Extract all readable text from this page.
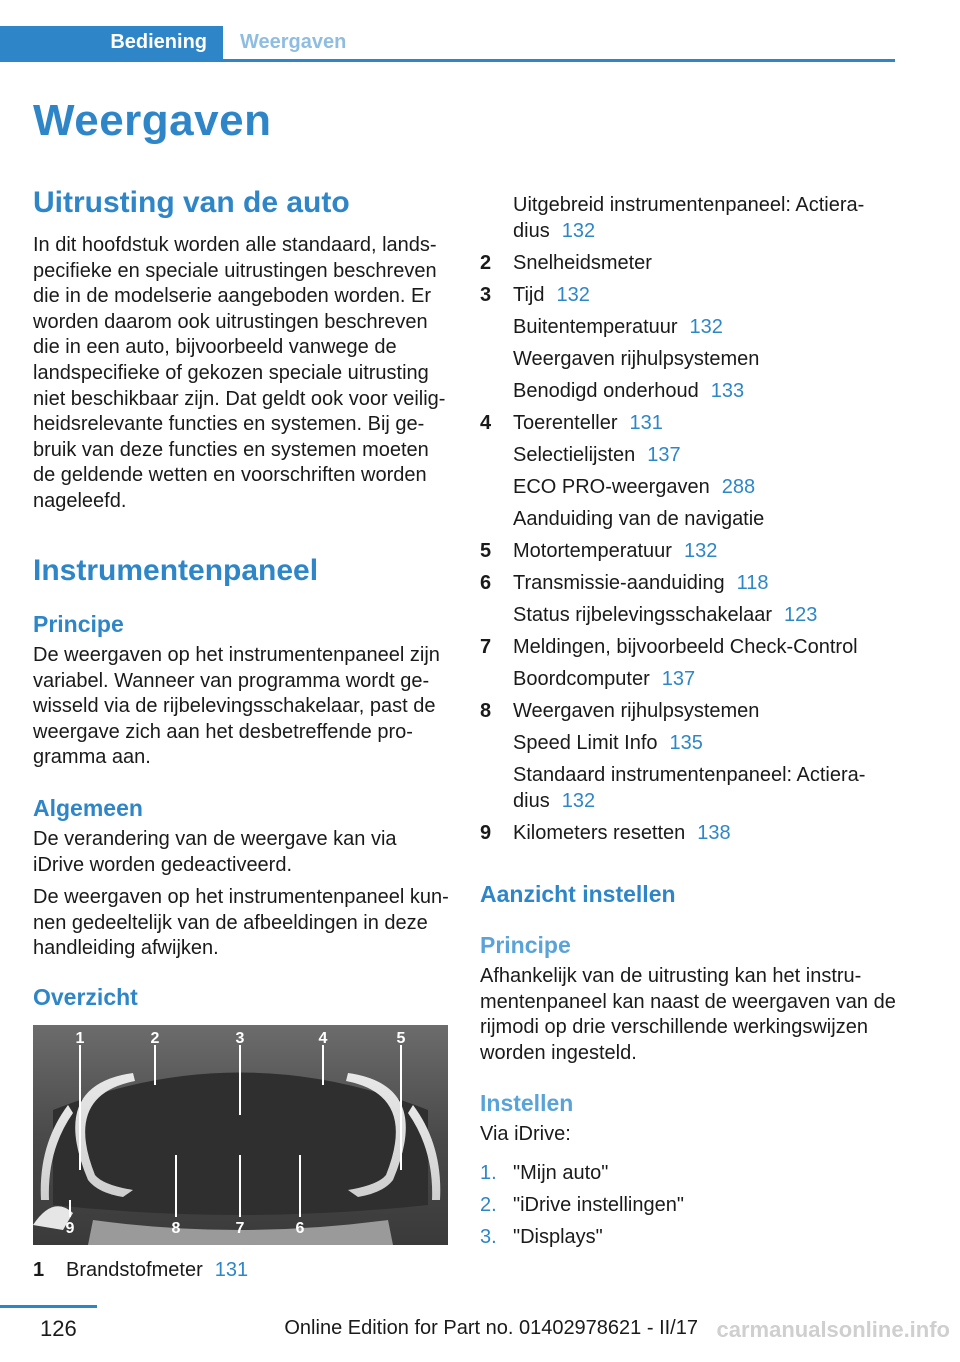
Bediening	Weergaven
Weergaven
Uitrusting van de auto

In dit hoofdstuk worden alle standaard, lands-pecifieke en speciale uitrustingen beschreven die in de modelserie aangeboden worden. Er worden daarom ook uitrustingen beschreven die in een auto, bijvoorbeeld vanwege de landspecifieke of gekozen speciale uitrusting niet beschikbaar zijn. Dat geldt ook voor veilig-heidsrelevante functies en systemen. Bij ge-bruik van deze functies en systemen moeten de geldende wetten en voorschriften worden nageleefd.

Instrumentenpaneel
Principe

De weergaven op het instrumentenpaneel zijn variabel. Wanneer van programma wordt ge-wisseld via de rijbelevingsschakelaar, past de weergave zich aan het desbetreffende pro-gramma aan.

Algemeen

De verandering van de weergave kan via iDrive worden gedeactiveerd.

De weergaven op het instrumentenpaneel kun-nen gedeeltelijk van de afbeeldingen in deze handleiding afwijken.

Overzicht
1	2	3	4	5
9	8	7	6
1	Brandstofmeter 131
Uitgebreid instrumentenpaneel: Actiera-dius 132
2	Snelheidsmeter
3	Tijd 132
Buitentemperatuur 132
Weergaven rijhulpsystemen
Benodigd onderhoud 133
4	Toerenteller 131
Selectielijsten 137
ECO PRO-weergaven 288
Aanduiding van de navigatie
5	Motortemperatuur 132
6	Transmissie-aanduiding 118
Status rijbelevingsschakelaar 123
7	Meldingen, bijvoorbeeld Check-Control
Boordcomputer 137
8	Weergaven rijhulpsystemen
Speed Limit Info 135
Standaard instrumentenpaneel: Actiera-dius 132
9	Kilometers resetten 138
Aanzicht instellen
Principe

Afhankelijk van de uitrusting kan het instru-mentenpaneel kan naast de weergaven van de rijmodi op drie verschillende werkingswijzen worden ingesteld.

Instellen

Via iDrive:

1. "Mijn auto"
2. "iDrive instellingen"
3. "Displays"
126	Online Edition for Part no. 01402978621 - II/17 carmanualsonline.info
